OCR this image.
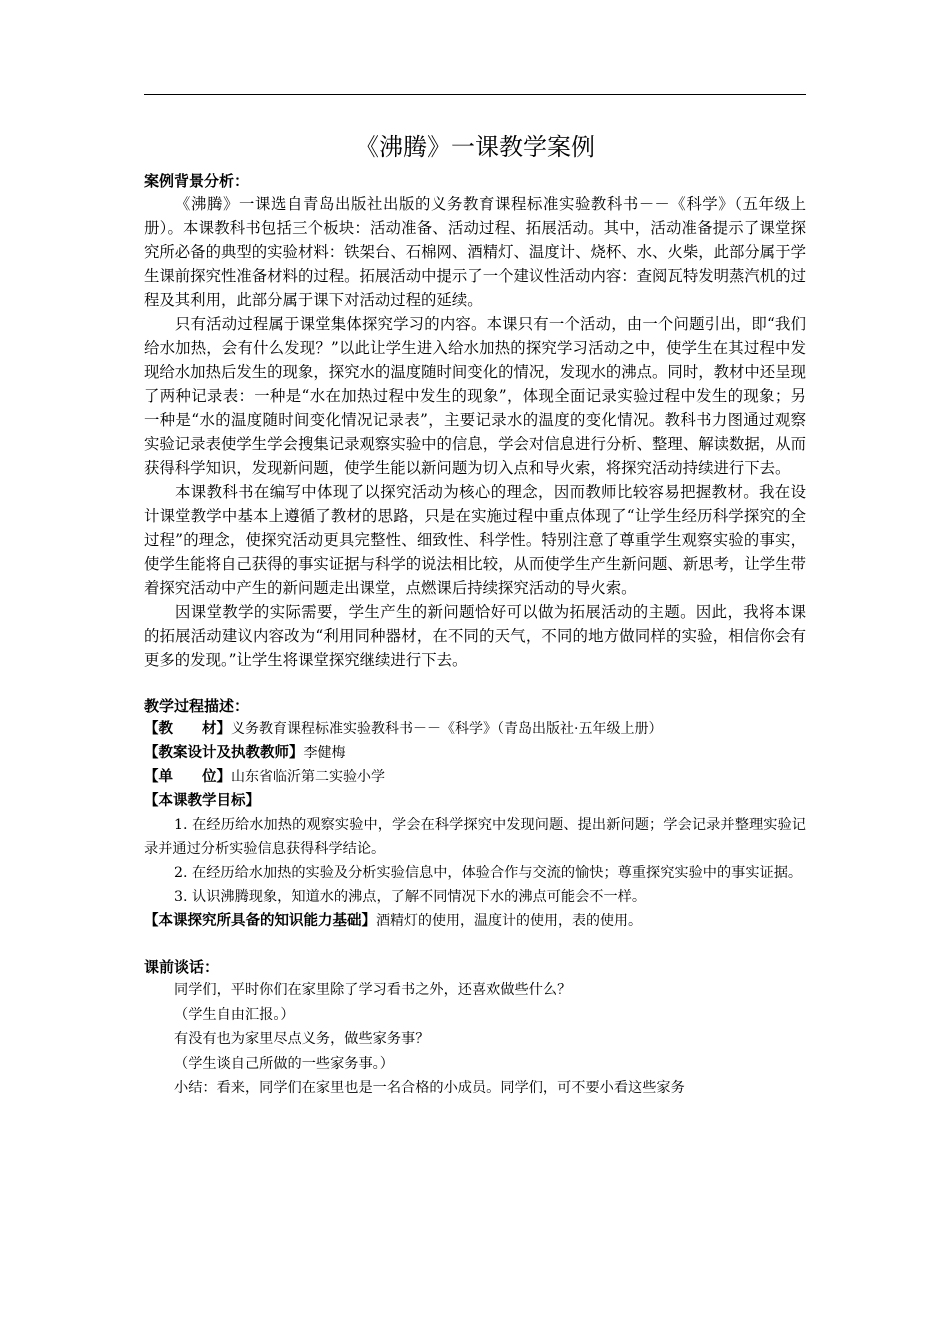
《沸腾》一课教学案例
案例背景分析：

《沸腾》一课选自青岛出版社出版的义务教育课程标准实验教科书－－《科学》（五年级上册）。本课教科书包括三个板块：活动准备、活动过程、拓展活动。其中，活动准备提示了课堂探究所必备的典型的实验材料：铁架台、石棉网、酒精灯、温度计、烧杯、水、火柴，此部分属于学生课前探究性准备材料的过程。拓展活动中提示了一个建议性活动内容：查阅瓦特发明蒸汽机的过程及其利用，此部分属于课下对活动过程的延续。

只有活动过程属于课堂集体探究学习的内容。本课只有一个活动，由一个问题引出，即“我们给水加热，会有什么发现？”以此让学生进入给水加热的探究学习活动之中，使学生在其过程中发现给水加热后发生的现象，探究水的温度随时间变化的情况，发现水的沸点。同时，教材中还呈现了两种记录表：一种是“水在加热过程中发生的现象”，体现全面记录实验过程中发生的现象；另一种是“水的温度随时间变化情况记录表”，主要记录水的温度的变化情况。教科书力图通过观察实验记录表使学生学会搜集记录观察实验中的信息，学会对信息进行分析、整理、解读数据，从而获得科学知识，发现新问题，使学生能以新问题为切入点和导火索，将探究活动持续进行下去。

本课教科书在编写中体现了以探究活动为核心的理念，因而教师比较容易把握教材。我在设计课堂教学中基本上遵循了教材的思路，只是在实施过程中重点体现了“让学生经历科学探究的全过程”的理念，使探究活动更具完整性、细致性、科学性。特别注意了尊重学生观察实验的事实，使学生能将自己获得的事实证据与科学的说法相比较，从而使学生产生新问题、新思考，让学生带着探究活动中产生的新问题走出课堂，点燃课后持续探究活动的导火索。

因课堂教学的实际需要，学生产生的新问题恰好可以做为拓展活动的主题。因此，我将本课的拓展活动建议内容改为“利用同种器材，在不同的天气，不同的地方做同样的实验，相信你会有更多的发现。”让学生将课堂探究继续进行下去。

教学过程描述：

【教　　材】义务教育课程标准实验教科书－－《科学》（青岛出版社·五年级上册）

【教案设计及执教教师】李健梅

【单　　位】山东省临沂第二实验小学

【本课教学目标】

1. 在经历给水加热的观察实验中，学会在科学探究中发现问题、提出新问题；学会记录并整理实验记录并通过分析实验信息获得科学结论。

2. 在经历给水加热的实验及分析实验信息中，体验合作与交流的愉快；尊重探究实验中的事实证据。

3. 认识沸腾现象，知道水的沸点，了解不同情况下水的沸点可能会不一样。

【本课探究所具备的知识能力基础】酒精灯的使用，温度计的使用，表的使用。

课前谈话：

同学们，平时你们在家里除了学习看书之外，还喜欢做些什么？

（学生自由汇报。）

有没有也为家里尽点义务，做些家务事？

（学生谈自己所做的一些家务事。）

小结：看来，同学们在家里也是一名合格的小成员。同学们，可不要小看这些家务
